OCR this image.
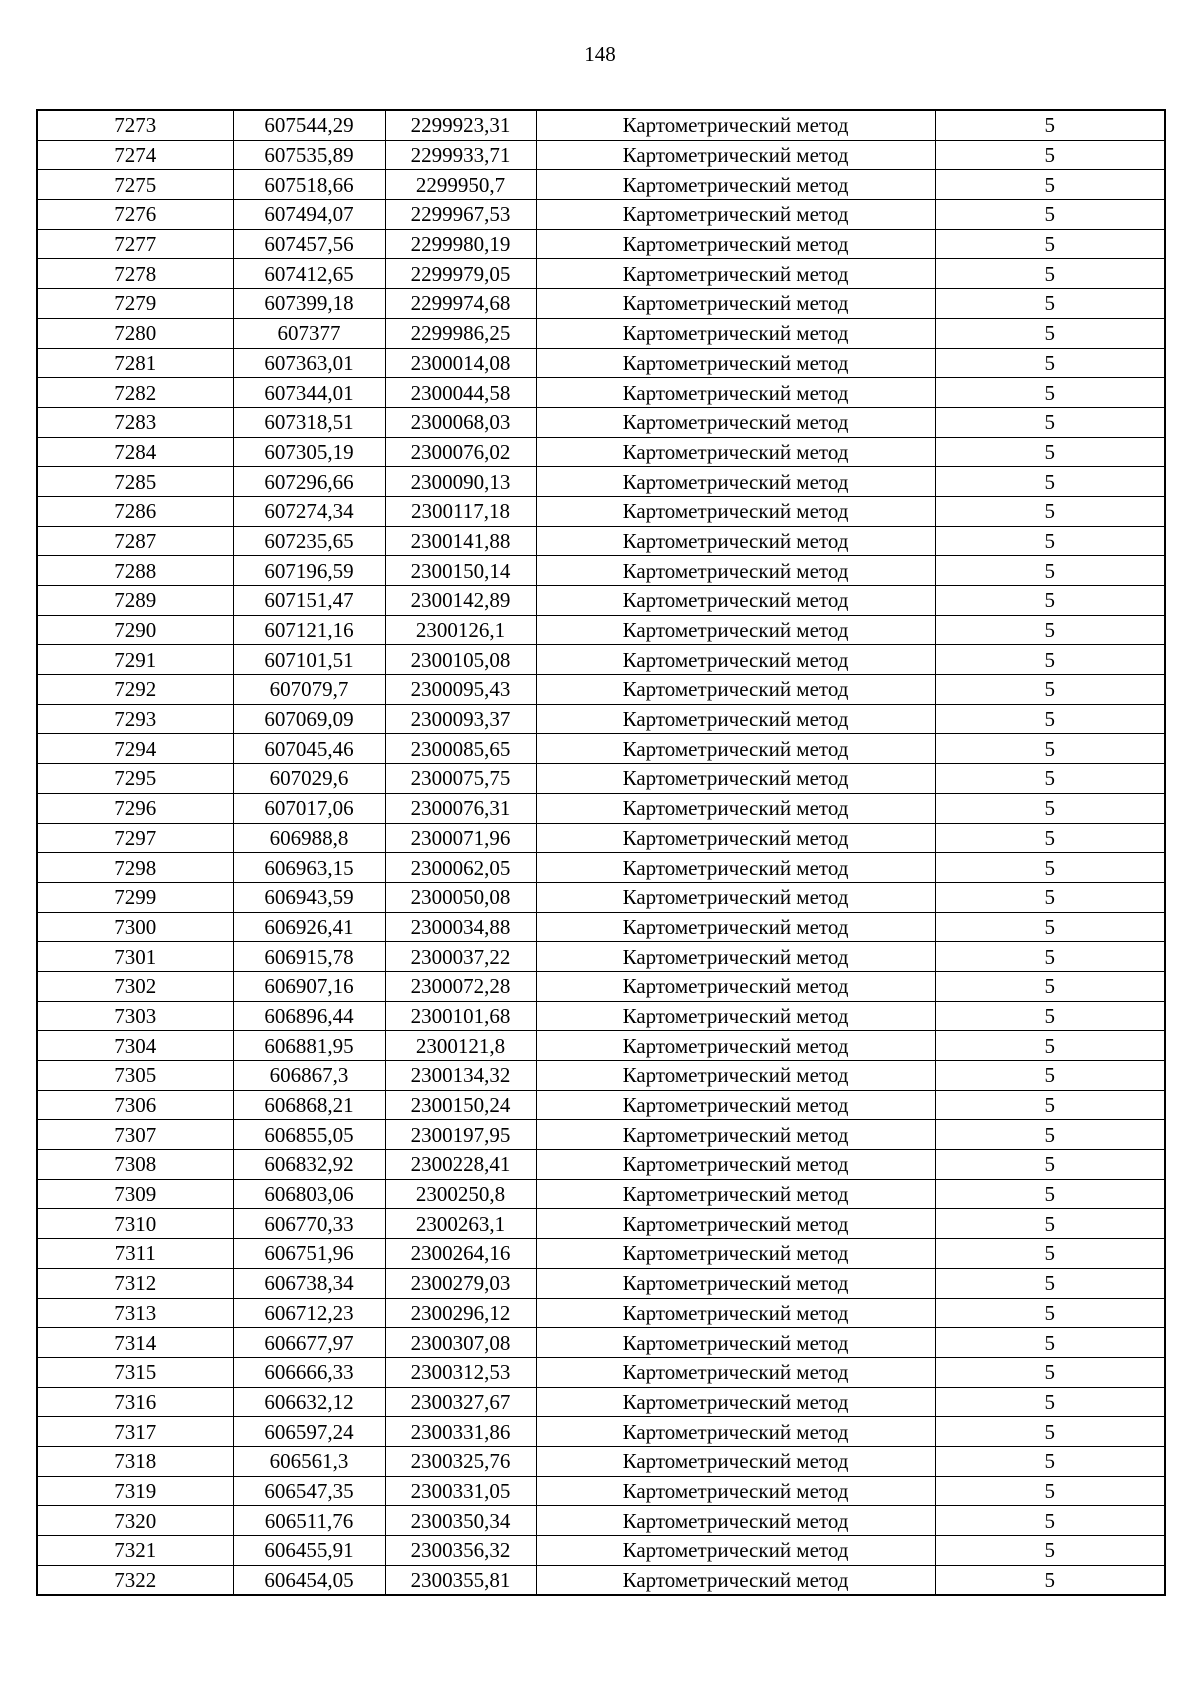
148
7273	607544,29	2299923,31	Картометрический метод	5
7274	607535,89	2299933,71	Картометрический метод	5
7275	607518,66	2299950,7	Картометрический метод	5
7276	607494,07	2299967,53	Картометрический метод	5
7277	607457,56	2299980,19	Картометрический метод	5
7278	607412,65	2299979,05	Картометрический метод	5
7279	607399,18	2299974,68	Картометрический метод	5
7280	607377	2299986,25	Картометрический метод	5
7281	607363,01	2300014,08	Картометрический метод	5
7282	607344,01	2300044,58	Картометрический метод	5
7283	607318,51	2300068,03	Картометрический метод	5
7284	607305,19	2300076,02	Картометрический метод	5
7285	607296,66	2300090,13	Картометрический метод	5
7286	607274,34	2300117,18	Картометрический метод	5
7287	607235,65	2300141,88	Картометрический метод	5
7288	607196,59	2300150,14	Картометрический метод	5
7289	607151,47	2300142,89	Картометрический метод	5
7290	607121,16	2300126,1	Картометрический метод	5
7291	607101,51	2300105,08	Картометрический метод	5
7292	607079,7	2300095,43	Картометрический метод	5
7293	607069,09	2300093,37	Картометрический метод	5
7294	607045,46	2300085,65	Картометрический метод	5
7295	607029,6	2300075,75	Картометрический метод	5
7296	607017,06	2300076,31	Картометрический метод	5
7297	606988,8	2300071,96	Картометрический метод	5
7298	606963,15	2300062,05	Картометрический метод	5
7299	606943,59	2300050,08	Картометрический метод	5
7300	606926,41	2300034,88	Картометрический метод	5
7301	606915,78	2300037,22	Картометрический метод	5
7302	606907,16	2300072,28	Картометрический метод	5
7303	606896,44	2300101,68	Картометрический метод	5
7304	606881,95	2300121,8	Картометрический метод	5
7305	606867,3	2300134,32	Картометрический метод	5
7306	606868,21	2300150,24	Картометрический метод	5
7307	606855,05	2300197,95	Картометрический метод	5
7308	606832,92	2300228,41	Картометрический метод	5
7309	606803,06	2300250,8	Картометрический метод	5
7310	606770,33	2300263,1	Картометрический метод	5
7311	606751,96	2300264,16	Картометрический метод	5
7312	606738,34	2300279,03	Картометрический метод	5
7313	606712,23	2300296,12	Картометрический метод	5
7314	606677,97	2300307,08	Картометрический метод	5
7315	606666,33	2300312,53	Картометрический метод	5
7316	606632,12	2300327,67	Картометрический метод	5
7317	606597,24	2300331,86	Картометрический метод	5
7318	606561,3	2300325,76	Картометрический метод	5
7319	606547,35	2300331,05	Картометрический метод	5
7320	606511,76	2300350,34	Картометрический метод	5
7321	606455,91	2300356,32	Картометрический метод	5
7322	606454,05	2300355,81	Картометрический метод	5
